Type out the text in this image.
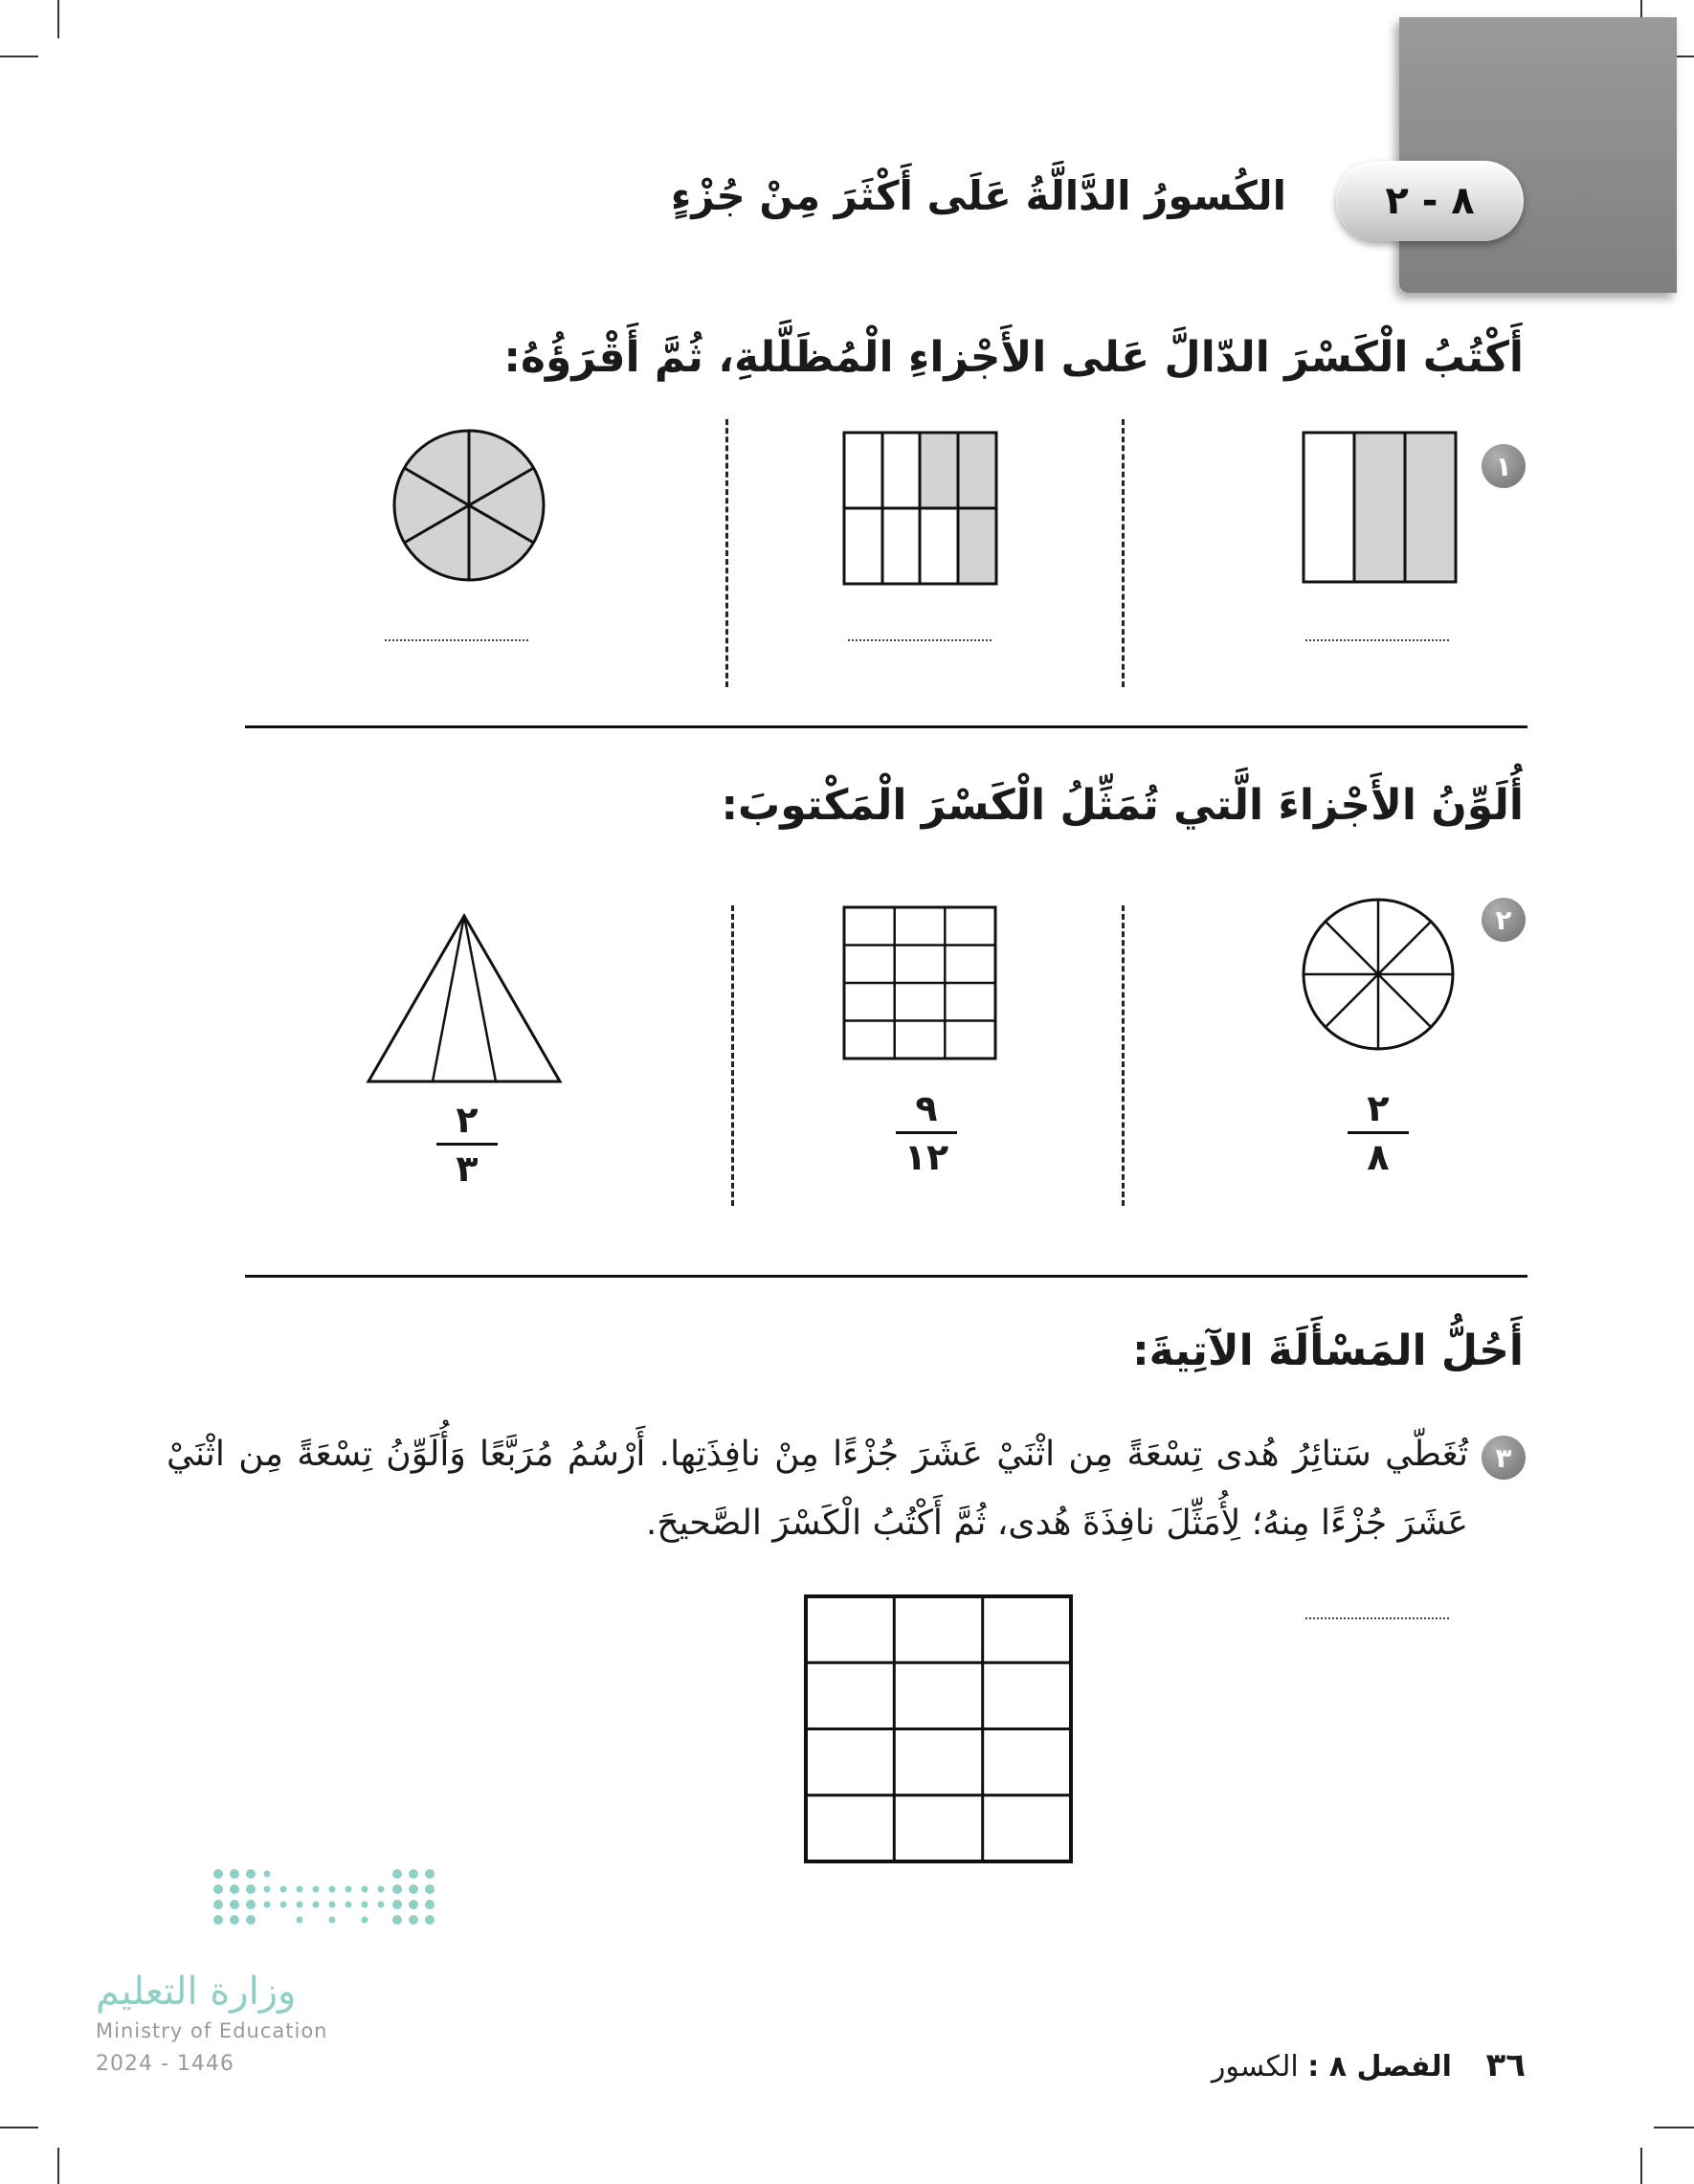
٨ - ٢
الكُسورُ الدَّالَّةُ عَلَى أَكْثَرَ مِنْ جُزْءٍ
أَكْتُبُ الْكَسْرَ الدّالَّ عَلى الأَجْزاءِ الْمُظَلَّلةِ، ثُمَّ أَقْرَؤُهُ:
١
أُلَوِّنُ الأَجْزاءَ الَّتي تُمَثِّلُ الْكَسْرَ الْمَكْتوبَ:
٢
٢
٨
٩
١٢
٢
٣
أَحُلُّ المَسْأَلَةَ الآتِيةَ:
٣
تُغَطّي سَتائِرُ هُدى تِسْعَةً مِن اثْنَيْ عَشَرَ جُزْءًا مِنْ نافِذَتِها. أَرْسُمُ مُرَبَّعًا وَأُلَوِّنُ تِسْعَةً مِن اثْنَيْ عَشَرَ جُزْءًا مِنهُ؛ لِأُمَثِّلَ نافِذَةَ هُدى، ثُمَّ أَكْتُبُ الْكَسْرَ الصَّحيحَ.
وزارة التعليم
Ministry of Education
2024 - 1446	٣٦ الفصل ٨ : الكسور
